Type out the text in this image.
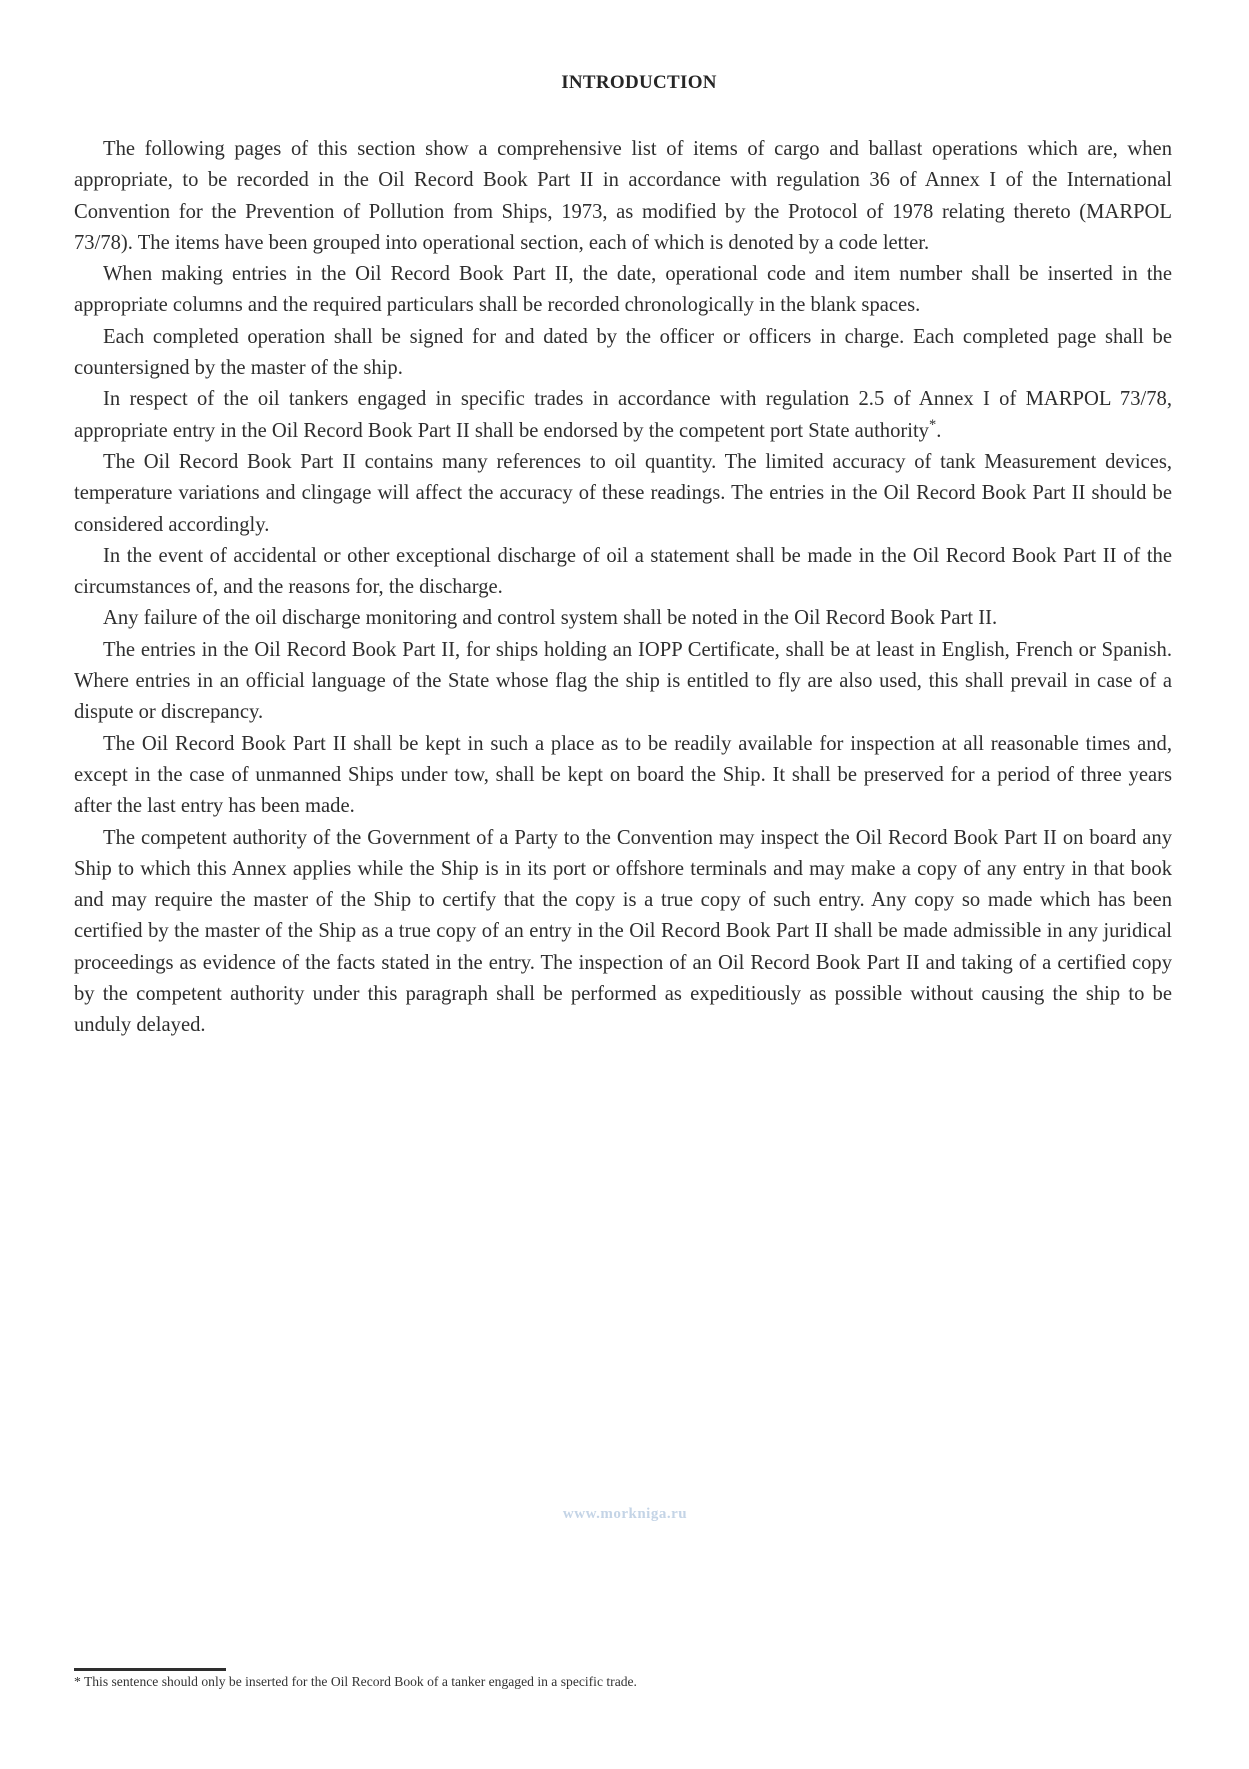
INTRODUCTION

The following pages of this section show a comprehensive list of items of cargo and ballast operations which are, when appropriate, to be recorded in the Oil Record Book Part II in accordance with regulation 36 of Annex I of the International Convention for the Prevention of Pollution from Ships, 1973, as modified by the Protocol of 1978 relating thereto (MARPOL 73/78). The items have been grouped into operational section, each of which is denoted by a code letter.

When making entries in the Oil Record Book Part II, the date, operational code and item number shall be inserted in the appropriate columns and the required particulars shall be recorded chronologically in the blank spaces.

Each completed operation shall be signed for and dated by the officer or officers in charge. Each completed page shall be countersigned by the master of the ship.

In respect of the oil tankers engaged in specific trades in accordance with regulation 2.5 of Annex I of MARPOL 73/78, appropriate entry in the Oil Record Book Part II shall be endorsed by the competent port State authority*.

The Oil Record Book Part II contains many references to oil quantity. The limited accuracy of tank Measurement devices, temperature variations and clingage will affect the accuracy of these readings. The entries in the Oil Record Book Part II should be considered accordingly.

In the event of accidental or other exceptional discharge of oil a statement shall be made in the Oil Record Book Part II of the circumstances of, and the reasons for, the discharge.

Any failure of the oil discharge monitoring and control system shall be noted in the Oil Record Book Part II.

The entries in the Oil Record Book Part II, for ships holding an IOPP Certificate, shall be at least in English, French or Spanish. Where entries in an official language of the State whose flag the ship is entitled to fly are also used, this shall prevail in case of a dispute or discrepancy.

The Oil Record Book Part II shall be kept in such a place as to be readily available for inspection at all reasonable times and, except in the case of unmanned Ships under tow, shall be kept on board the Ship. It shall be preserved for a period of three years after the last entry has been made.

The competent authority of the Government of a Party to the Convention may inspect the Oil Record Book Part II on board any Ship to which this Annex applies while the Ship is in its port or offshore terminals and may make a copy of any entry in that book and may require the master of the Ship to certify that the copy is a true copy of such entry. Any copy so made which has been certified by the master of the Ship as a true copy of an entry in the Oil Record Book Part II shall be made admissible in any juridical proceedings as evidence of the facts stated in the entry. The inspection of an Oil Record Book Part II and taking of a certified copy by the competent authority under this paragraph shall be performed as expeditiously as possible without causing the ship to be unduly delayed.

www.morkniga.ru
* This sentence should only be inserted for the Oil Record Book of a tanker engaged in a specific trade.
